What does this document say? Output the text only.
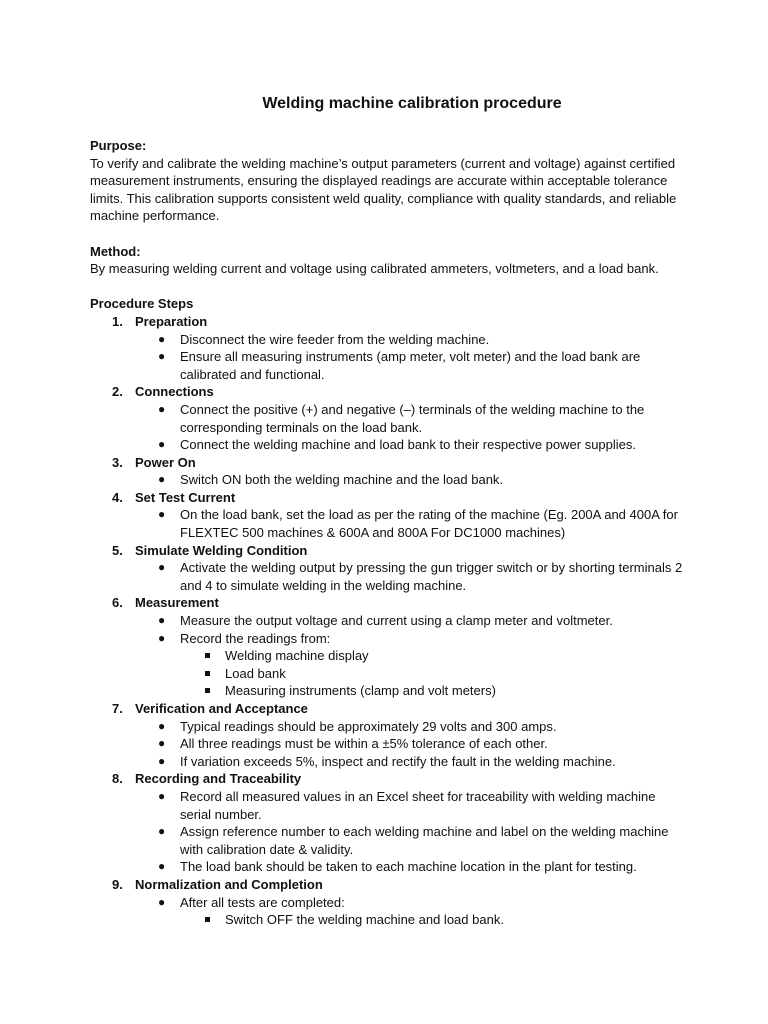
Welding machine calibration procedure

Purpose:

To verify and calibrate the welding machine’s output parameters (current and voltage) against certified measurement instruments, ensuring the displayed readings are accurate within acceptable tolerance limits. This calibration supports consistent weld quality, compliance with quality standards, and reliable machine performance.

Method:

By measuring welding current and voltage using calibrated ammeters, voltmeters, and a load bank.

Procedure Steps

1. Preparation
● Disconnect the wire feeder from the welding machine.
● Ensure all measuring instruments (amp meter, volt meter) and the load bank are calibrated and functional.
2. Connections
● Connect the positive (+) and negative (–) terminals of the welding machine to the corresponding terminals on the load bank.
● Connect the welding machine and load bank to their respective power supplies.
3. Power On
● Switch ON both the welding machine and the load bank.
4. Set Test Current
● On the load bank, set the load as per the rating of the machine (Eg. 200A and 400A for FLEXTEC 500 machines & 600A and 800A For DC1000 machines)
5. Simulate Welding Condition
● Activate the welding output by pressing the gun trigger switch or by shorting terminals 2 and 4 to simulate welding in the welding machine.
6. Measurement
● Measure the output voltage and current using a clamp meter and voltmeter.
● Record the readings from:
Welding machine display
Load bank
Measuring instruments (clamp and volt meters)
7. Verification and Acceptance
● Typical readings should be approximately 29 volts and 300 amps.
● All three readings must be within a ±5% tolerance of each other.
● If variation exceeds 5%, inspect and rectify the fault in the welding machine.
8. Recording and Traceability
● Record all measured values in an Excel sheet for traceability with welding machine serial number.
● Assign reference number to each welding machine and label on the welding machine with calibration date & validity.
● The load bank should be taken to each machine location in the plant for testing.
9. Normalization and Completion
● After all tests are completed:
Switch OFF the welding machine and load bank.
